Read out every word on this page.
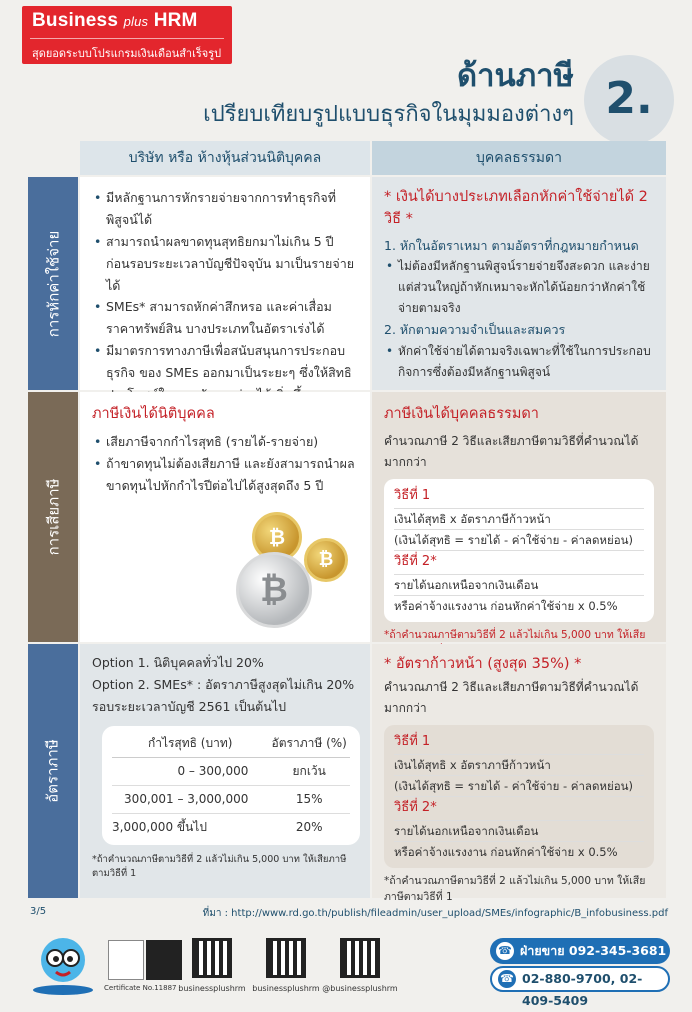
Business plus HRM
สุดยอดระบบโปรแกรมเงินเดือนสำเร็จรูป
ด้านภาษี
เปรียบเทียบรูปแบบธุรกิจในมุมมองต่างๆ 2.
บริษัท หรือ ห้างหุ้นส่วนนิติบุคคล	บุคคลธรรมดา
การหักค่าใช้จ่าย
• มีหลักฐานการหักรายจ่ายจากการทำธุรกิจที่พิสูจน์ได้
• สามารถนำผลขาดทุนสุทธิยกมาไม่เกิน 5 ปี ก่อนรอบระยะเวลาบัญชีปัจจุบัน มาเป็นรายจ่ายได้
• SMEs* สามารถหักค่าสึกหรอ และค่าเสื่อมราคาทรัพย์สิน บางประเภทในอัตราเร่งได้
• มีมาตรการทางภาษีเพื่อสนับสนุนการประกอบธุรกิจ ของ SMEs ออกมาเป็นระยะๆ ซึ่งให้สิทธิ
* เงินได้บางประเภทเลือกหักค่าใช้จ่ายได้ 2 วิธี *
1. หักในอัตราเหมา ตามอัตราที่กฎหมายกำหนด
• ไม่ต้องมีหลักฐานพิสูจน์รายจ่ายจึงสะดวก และง่าย แต่ส่วนใหญ่ถ้าหักเหมาจะหักได้น้อยกว่าหักค่าใช้จ่ายตามจริง
2. หักตามความจำเป็นและสมควร
• หักค่าใช้จ่ายได้ตามจริงเฉพาะที่ใช้ในการประกอบกิจการซึ่งต้องมีหลักฐานพิสูจน์
การเสียภาษี
ภาษีเงินได้นิติบุคคล
• เสียภาษีจากกำไรสุทธิ (รายได้-รายจ่าย)
• ถ้าขาดทุนไม่ต้องเสียภาษี และยังสามารถนำผลขาดทุนไปหักกำไรปีต่อไปได้สูงสุดถึง 5 ปี
₿
₿
₿
ภาษีเงินได้บุคคลธรรมดา
คำนวณภาษี 2 วิธีและเสียภาษีตามวิธีที่คำนวณได้มากกว่า
วิธีที่ 1
เงินได้สุทธิ x อัตราภาษีก้าวหน้า
(เงินได้สุทธิ = รายได้ - ค่าใช้จ่าย - ค่าลดหย่อน)
วิธีที่ 2*
รายได้นอกเหนือจากเงินเดือน
หรือค่าจ้างแรงงาน ก่อนหักค่าใช้จ่าย x 0.5%
*ถ้าคำนวณภาษีตามวิธีที่ 2 แล้วไม่เกิน 5,000 บาท ให้เสีย
อัตราภาษี
Option 1. นิติบุคคลทั่วไป 20%
Option 2. SMEs* : อัตราภาษีสูงสุดไม่เกิน 20%
รอบระยะเวลาบัญชี 2561 เป็นต้นไป
กำไรสุทธิ (บาท)	อัตราภาษี (%)
0 – 300,000	ยกเว้น
300,001 – 3,000,000	15%
3,000,000 ขึ้นไป	20%
*ถ้าคำนวณภาษีตามวิธีที่ 2 แล้วไม่เกิน 5,000 บาท ให้เสียภาษีตามวิธีที่ 1
* อัตราก้าวหน้า (สูงสุด 35%) *
คำนวณภาษี 2 วิธีและเสียภาษีตามวิธีที่คำนวณได้มากกว่า
วิธีที่ 1
เงินได้สุทธิ x อัตราภาษีก้าวหน้า
(เงินได้สุทธิ = รายได้ - ค่าใช้จ่าย - ค่าลดหย่อน)
วิธีที่ 2*
รายได้นอกเหนือจากเงินเดือน
หรือค่าจ้างแรงงาน ก่อนหักค่าใช้จ่าย x 0.5%
*ถ้าคำนวณภาษีตามวิธีที่ 2 แล้วไม่เกิน 5,000 บาท ให้เสียภาษีตามวิธีที่ 1
3/5	ที่มา : http://www.rd.go.th/publish/fileadmin/user_upload/SMEs/infographic/B_infobusiness.pdf
Certificate No.11887 businessplushrm businessplushrm @businessplushrm
☎ ฝ่ายขาย 092-345-3681
☎ 02-880-9700, 02-409-5409
